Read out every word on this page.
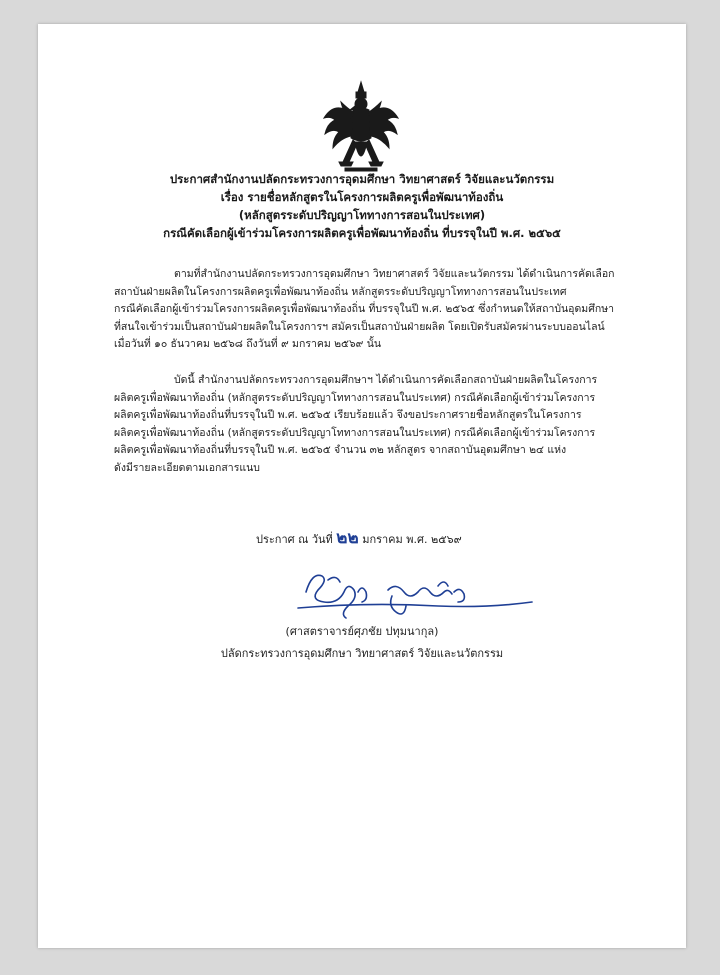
ประกาศสำนักงานปลัดกระทรวงการอุดมศึกษา วิทยาศาสตร์ วิจัยและนวัตกรรม
เรื่อง รายชื่อหลักสูตรในโครงการผลิตครูเพื่อพัฒนาท้องถิ่น
(หลักสูตรระดับปริญญาโททางการสอนในประเทศ)
กรณีคัดเลือกผู้เข้าร่วมโครงการผลิตครูเพื่อพัฒนาท้องถิ่น ที่บรรจุในปี พ.ศ. ๒๕๖๕
ตามที่สำนักงานปลัดกระทรวงการอุดมศึกษา วิทยาศาสตร์ วิจัยและนวัตกรรม ได้ดำเนินการคัดเลือก
สถาบันฝ่ายผลิตในโครงการผลิตครูเพื่อพัฒนาท้องถิ่น หลักสูตรระดับปริญญาโททางการสอนในประเทศ
กรณีคัดเลือกผู้เข้าร่วมโครงการผลิตครูเพื่อพัฒนาท้องถิ่น ที่บรรจุในปี พ.ศ. ๒๕๖๕ ซึ่งกำหนดให้สถาบันอุดมศึกษา
ที่สนใจเข้าร่วมเป็นสถาบันฝ่ายผลิตในโครงการฯ สมัครเป็นสถาบันฝ่ายผลิต โดยเปิดรับสมัครผ่านระบบออนไลน์
เมื่อวันที่ ๑๐ ธันวาคม ๒๕๖๘ ถึงวันที่ ๙ มกราคม ๒๕๖๙ นั้น
บัดนี้ สำนักงานปลัดกระทรวงการอุดมศึกษาฯ ได้ดำเนินการคัดเลือกสถาบันฝ่ายผลิตในโครงการ
ผลิตครูเพื่อพัฒนาท้องถิ่น (หลักสูตรระดับปริญญาโททางการสอนในประเทศ) กรณีคัดเลือกผู้เข้าร่วมโครงการ
ผลิตครูเพื่อพัฒนาท้องถิ่นที่บรรจุในปี พ.ศ. ๒๕๖๕ เรียบร้อยแล้ว จึงขอประกาศรายชื่อหลักสูตรในโครงการ
ผลิตครูเพื่อพัฒนาท้องถิ่น (หลักสูตรระดับปริญญาโททางการสอนในประเทศ) กรณีคัดเลือกผู้เข้าร่วมโครงการ
ผลิตครูเพื่อพัฒนาท้องถิ่นที่บรรจุในปี พ.ศ. ๒๕๖๕ จำนวน ๓๒ หลักสูตร จากสถาบันอุดมศึกษา ๒๔ แห่ง
ดังมีรายละเอียดตามเอกสารแนบ
ประกาศ ณ วันที่ ๒๒ มกราคม พ.ศ. ๒๕๖๙
(ศาสตราจารย์ศุภชัย ปทุมนากุล)
ปลัดกระทรวงการอุดมศึกษา วิทยาศาสตร์ วิจัยและนวัตกรรม
